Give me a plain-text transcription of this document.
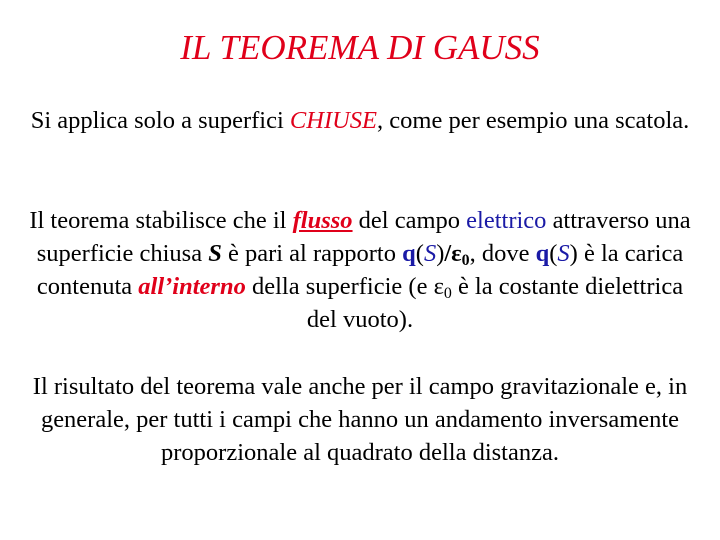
IL TEOREMA DI GAUSS

Si applica solo a superfici CHIUSE, come per esempio una scatola.

Il teorema stabilisce che il flusso del campo elettrico attraverso una superficie chiusa S è pari al rapporto $q(S)/\varepsilon_0$, dove q(S) è la carica contenuta all’interno della superficie (e $\varepsilon_0$ è la costante dielettrica del vuoto).

Il risultato del teorema vale anche per il campo gravitazionale e, in generale, per tutti i campi che hanno un andamento inversamente proporzionale al quadrato della distanza.
